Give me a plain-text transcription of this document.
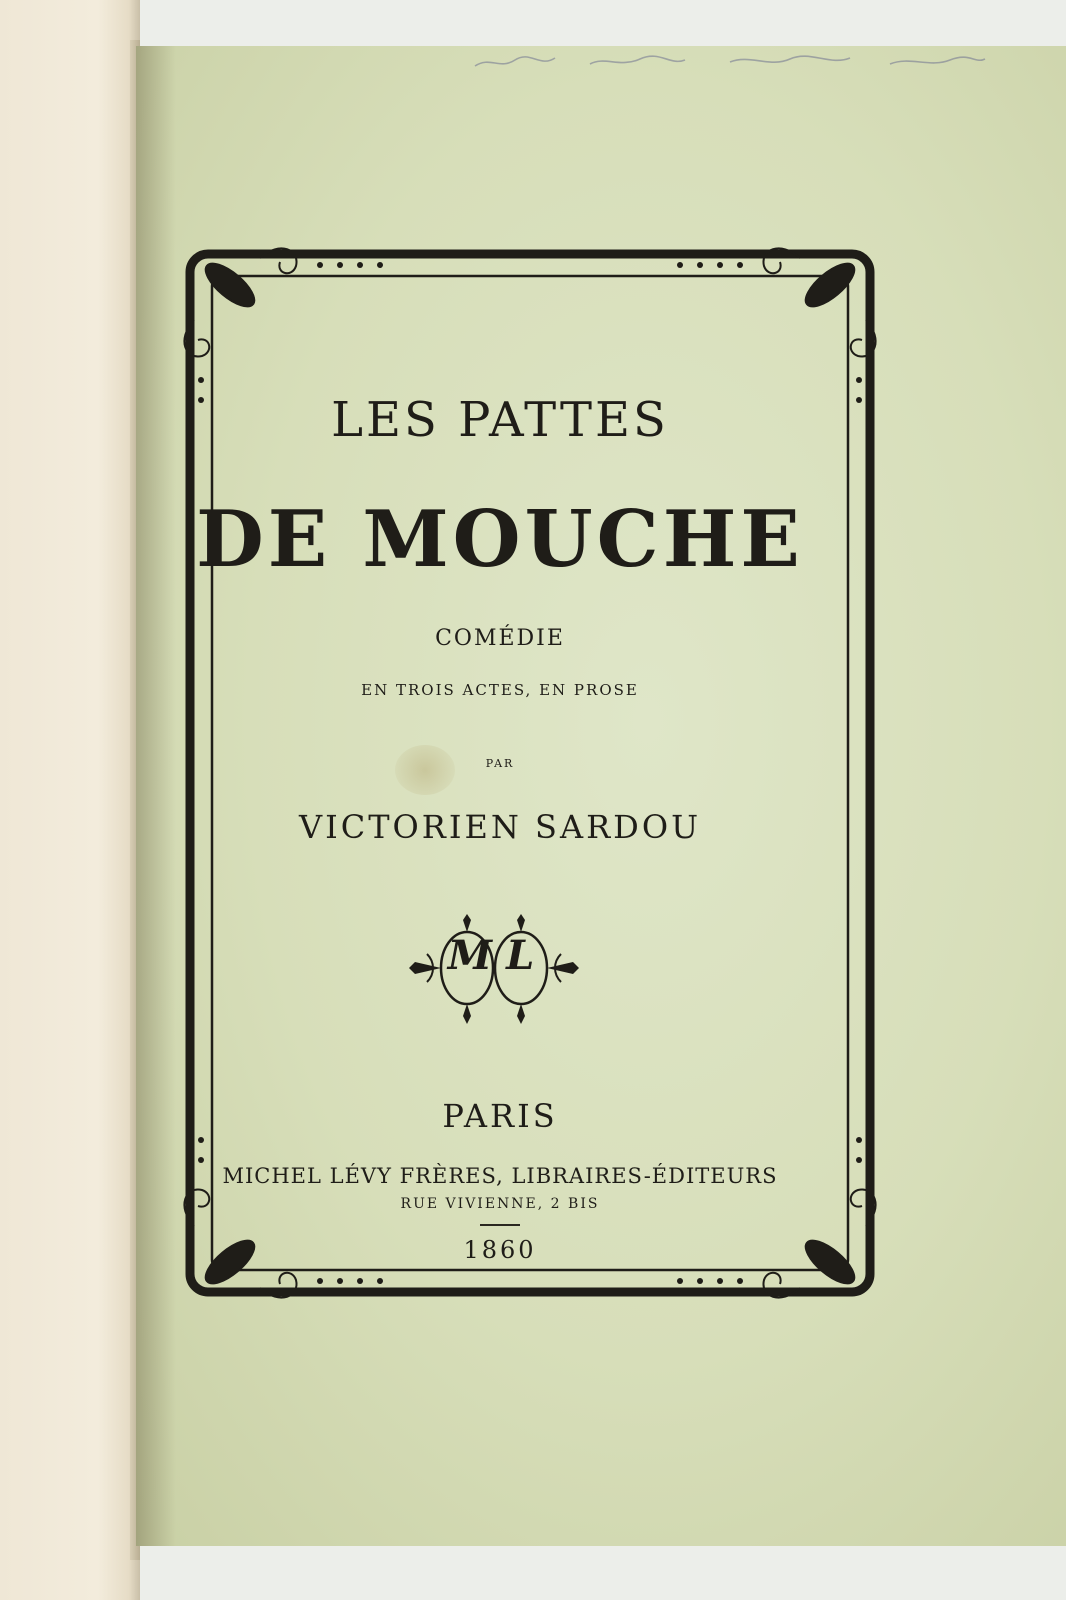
ML
LES PATTES
DE MOUCHE
COMÉDIE
EN TROIS ACTES, EN PROSE
PAR
VICTORIEN SARDOU
PARIS
MICHEL LÉVY FRÈRES, LIBRAIRES-ÉDITEURS
RUE VIVIENNE, 2 BIS
1860
